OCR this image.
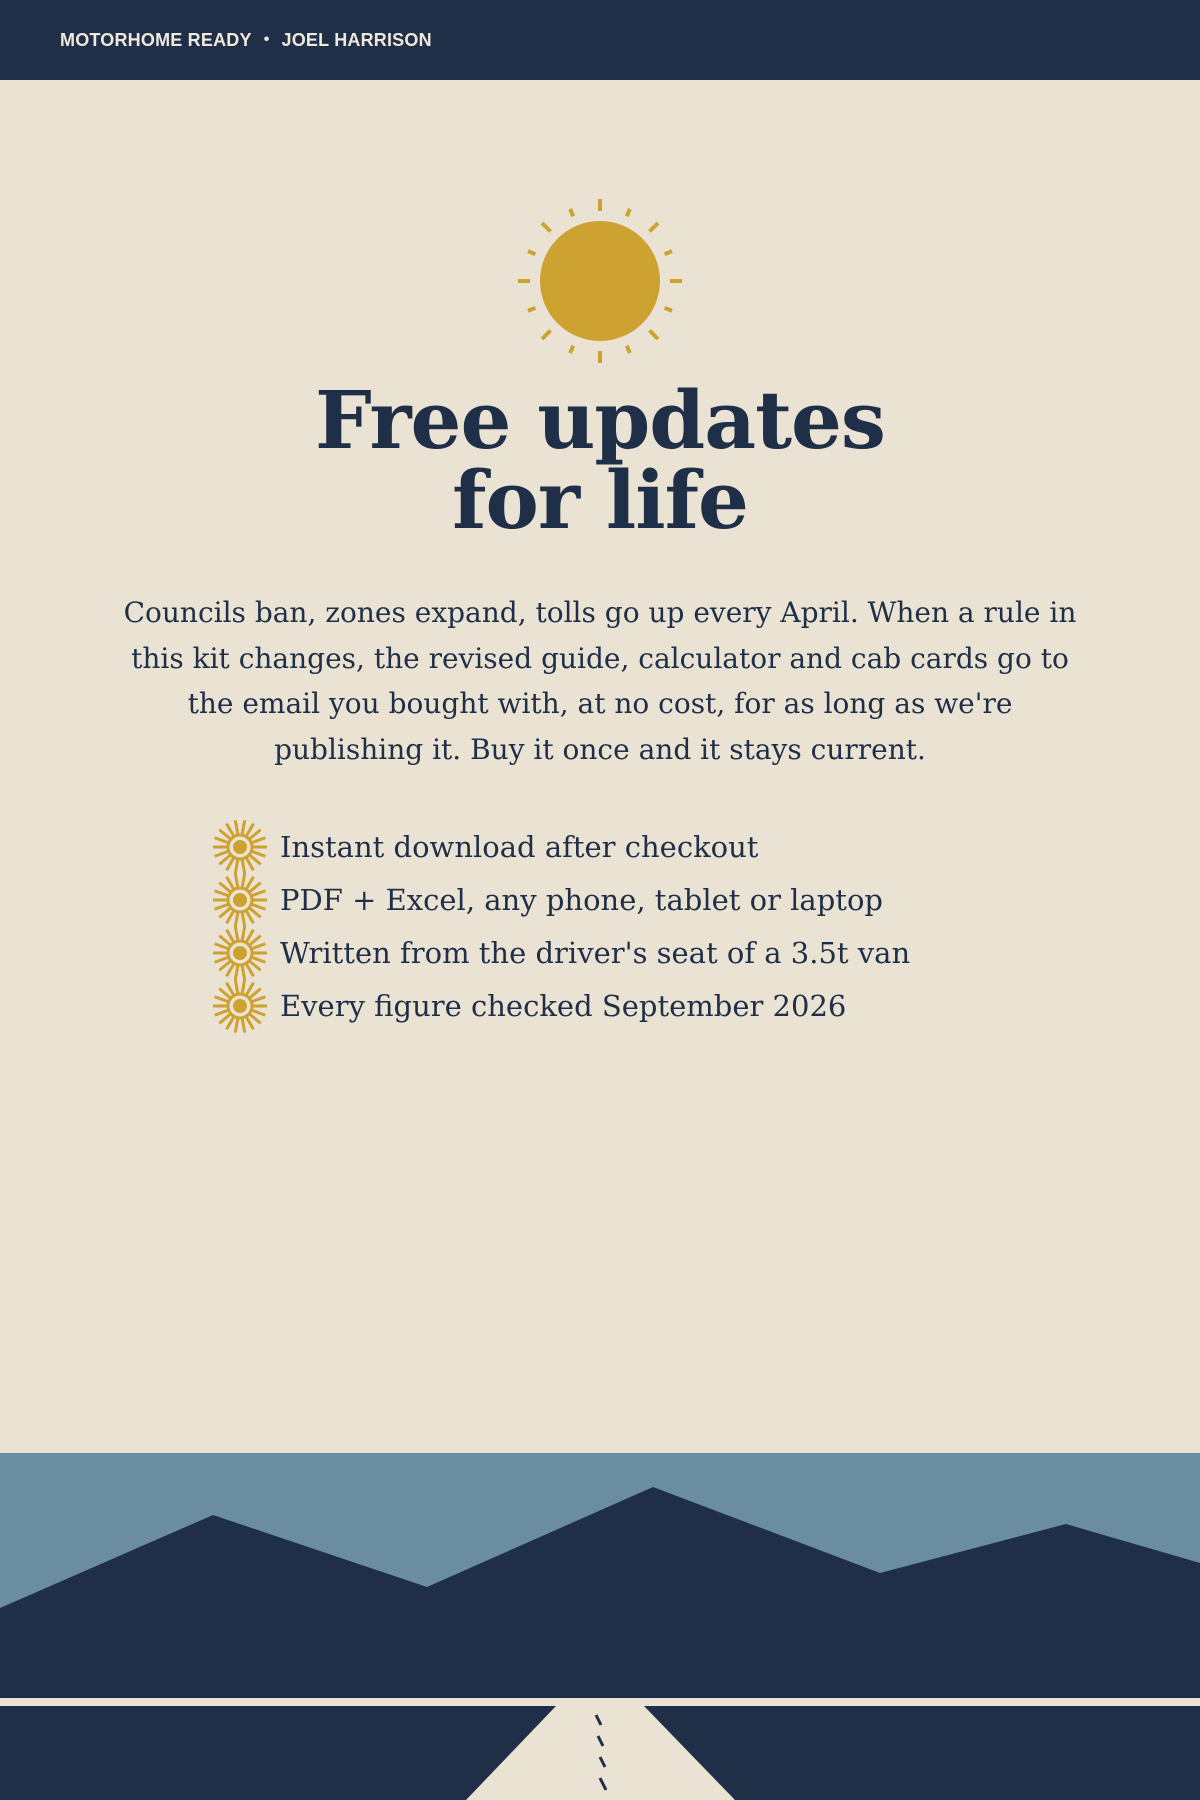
MOTORHOME READY • JOEL HARRISON
Free updates
for life

Councils ban, zones expand, tolls go up every April. When a rule in this kit changes, the revised guide, calculator and cab cards go to the email you bought with, at no cost, for as long as we're publishing it. Buy it once and it stays current.

Instant download after checkout
PDF + Excel, any phone, tablet or laptop
Written from the driver's seat of a 3.5t van
Every figure checked September 2026
